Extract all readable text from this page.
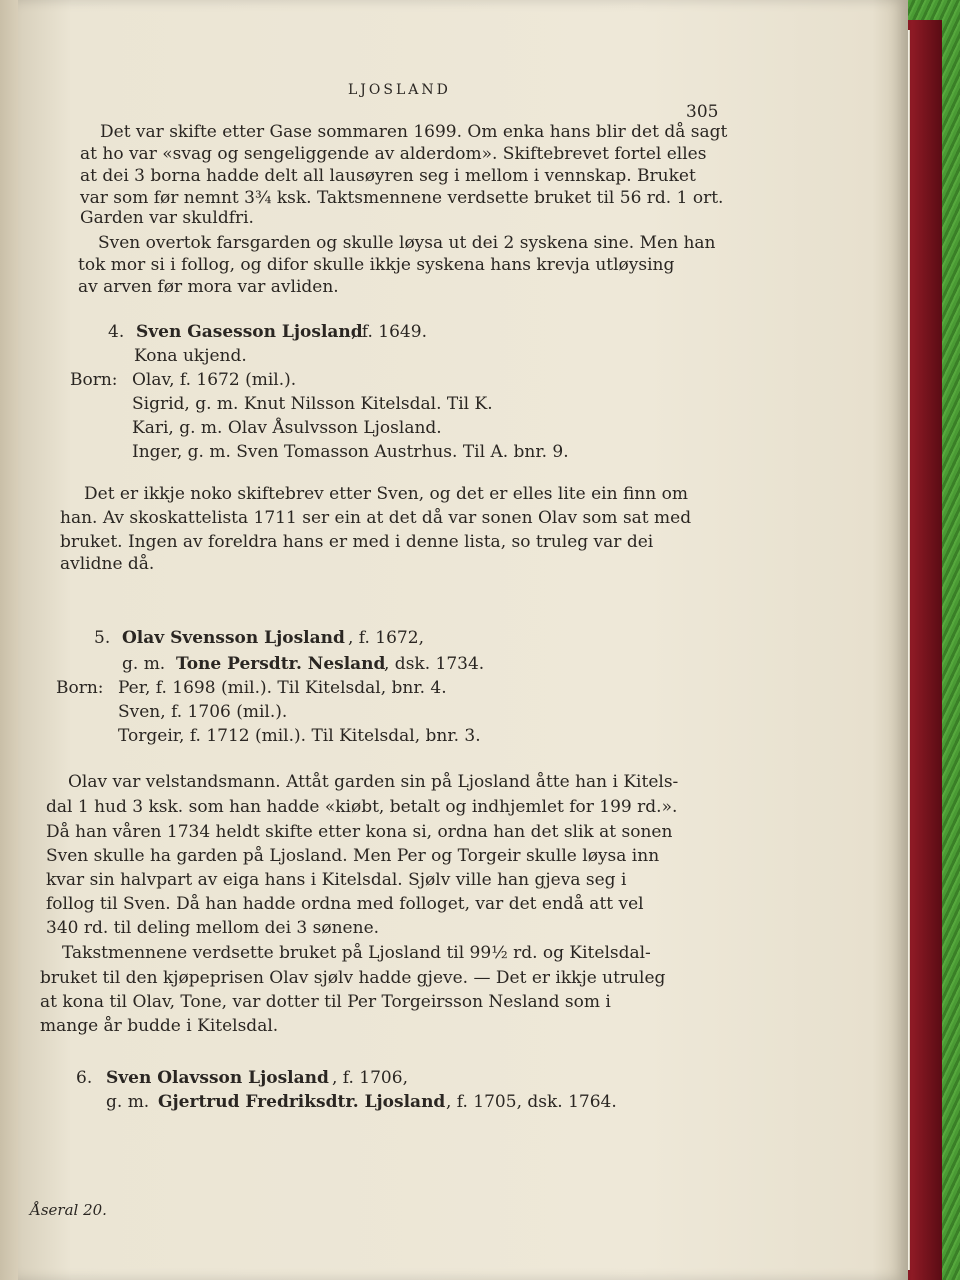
LJOSLAND
305
Det var skifte etter Gase sommaren 1699. Om enka hans blir det då sagt
at ho var «svag og sengeliggende av alderdom». Skiftebrevet fortel elles
at dei 3 borna hadde delt all lausøyren seg i mellom i vennskap. Bruket
var som før nemnt 3¾ ksk. Taktsmennene verdsette bruket til 56 rd. 1 ort.
Garden var skuldfri.
Sven overtok farsgarden og skulle løysa ut dei 2 syskena sine. Men han
tok mor si i follog, og difor skulle ikkje syskena hans krevja utløysing
av arven før mora var avliden.
4. Sven Gasesson Ljosland
, f. 1649.
Kona ukjend.
Born: Olav, f. 1672 (mil.).
Sigrid, g. m. Knut Nilsson Kitelsdal. Til K.
Kari, g. m. Olav Åsulvsson Ljosland.
Inger, g. m. Sven Tomasson Austrhus. Til A. bnr. 9.
Det er ikkje noko skiftebrev etter Sven, og det er elles lite ein finn om
han. Av skoskattelista 1711 ser ein at det då var sonen Olav som sat med
bruket. Ingen av foreldra hans er med i denne lista, so truleg var dei
avlidne då.
5. Olav Svensson Ljosland , f. 1672,
g. m. Tone Persdtr. Nesland
, dsk. 1734.
Born: Per, f. 1698 (mil.). Til Kitelsdal, bnr. 4.
Sven, f. 1706 (mil.).
Torgeir, f. 1712 (mil.). Til Kitelsdal, bnr. 3.
Olav var velstandsmann. Attåt garden sin på Ljosland åtte han i Kitels-
dal 1 hud 3 ksk. som han hadde «kiøbt, betalt og indhjemlet for 199 rd.».
Då han våren 1734 heldt skifte etter kona si, ordna han det slik at sonen
Sven skulle ha garden på Ljosland. Men Per og Torgeir skulle løysa inn
kvar sin halvpart av eiga hans i Kitelsdal. Sjølv ville han gjeva seg i
follog til Sven. Då han hadde ordna med folloget, var det endå att vel
340 rd. til deling mellom dei 3 sønene.
Takstmennene verdsette bruket på Ljosland til 99½ rd. og Kitelsdal-
bruket til den kjøpeprisen Olav sjølv hadde gjeve. — Det er ikkje utruleg
at kona til Olav, Tone, var dotter til Per Torgeirsson Nesland som i
mange år budde i Kitelsdal.
6. Sven Olavsson Ljosland , f. 1706,
g. m. Gjertrud Fredriksdtr. Ljosland , f. 1705, dsk. 1764.
Åseral 20.
